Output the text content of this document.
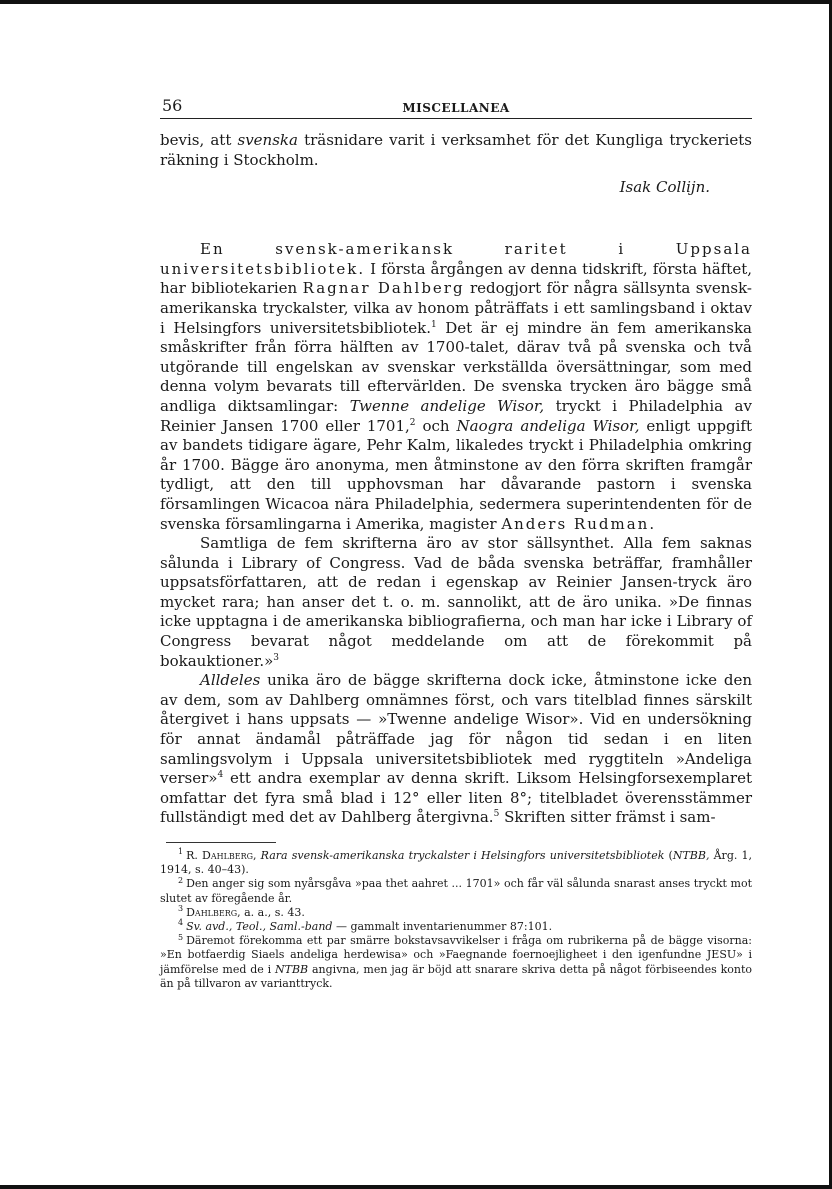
56	MISCELLANEA

bevis, att svenska träsnidare varit i verksamhet för det Kungliga tryckeriets räkning i Stockholm.

Isak Collijn.

En svensk-amerikansk raritet i Uppsala universitetsbibliotek. I första årgången av denna tidskrift, första häftet, har bibliotekarien Ragnar Dahlberg redogjort för några sällsynta svensk-amerikanska tryckalster, vilka av honom påträffats i ett samlingsband i oktav i Helsingfors universitetsbibliotek.$^1$ Det är ej mindre än fem amerikanska småskrifter från förra hälften av 1700-talet, därav två på svenska och två utgörande till engelskan av svenskar verkställda översättningar, som med denna volym bevarats till eftervärlden. De svenska trycken äro bägge små andliga diktsamlingar: Twenne andelige Wisor, tryckt i Philadelphia av Reinier Jansen 1700 eller 1701,$^2$ och Naogra andeliga Wisor, enligt uppgift av bandets tidigare ägare, Pehr Kalm, likaledes tryckt i Philadelphia omkring år 1700. Bägge äro anonyma, men åtminstone av den förra skriften framgår tydligt, att den till upphovsman har dåvarande pastorn i svenska församlingen Wicacoa nära Philadelphia, sedermera superintendenten för de svenska församlingarna i Amerika, magister Anders Rudman.

Samtliga de fem skrifterna äro av stor sällsynthet. Alla fem saknas sålunda i Library of Congress. Vad de båda svenska beträffar, framhåller uppsatsförfattaren, att de redan i egenskap av Reinier Jansen-tryck äro mycket rara; han anser det t. o. m. sannolikt, att de äro unika. »De finnas icke upptagna i de amerikanska bibliografierna, och man har icke i Library of Congress bevarat något meddelande om att de förekommit på bokauktioner.»$^3$

Alldeles unika äro de bägge skrifterna dock icke, åtminstone icke den av dem, som av Dahlberg omnämnes först, och vars titelblad finnes särskilt återgivet i hans uppsats — »Twenne andelige Wisor». Vid en undersökning för annat ändamål påträffade jag för någon tid sedan i en liten samlingsvolym i Uppsala universitetsbibliotek med ryggtiteln »Andeliga verser»$^4$ ett andra exemplar av denna skrift. Liksom Helsingforsexemplaret omfattar det fyra små blad i 12° eller liten 8°; titelbladet överensstämmer fullständigt med det av Dahlberg återgivna.$^5$ Skriften sitter främst i sam-

$^1$ R. Dahlberg, Rara svensk-amerikanska tryckalster i Helsingfors universitetsbibliotek (NTBB, Årg. 1, 1914, s. 40–43).

$^2$ Den anger sig som nyårsgåva »paa thet aahret ... 1701» och får väl sålunda snarast anses tryckt mot slutet av föregående år.

$^3$ Dahlberg, a. a., s. 43.

$^4$ Sv. avd., Teol., Saml.-band — gammalt inventarienummer 87:101.

$^5$ Däremot förekomma ett par smärre bokstavsavvikelser i fråga om rubrikerna på de bägge visorna: »En botfaerdig Siaels andeliga herdewisa» och »Faegnande foernoejligheet i den igenfundne JESU» i jämförelse med de i NTBB angivna, men jag är böjd att snarare skriva detta på något förbiseendes konto än på tillvaron av varianttryck.
